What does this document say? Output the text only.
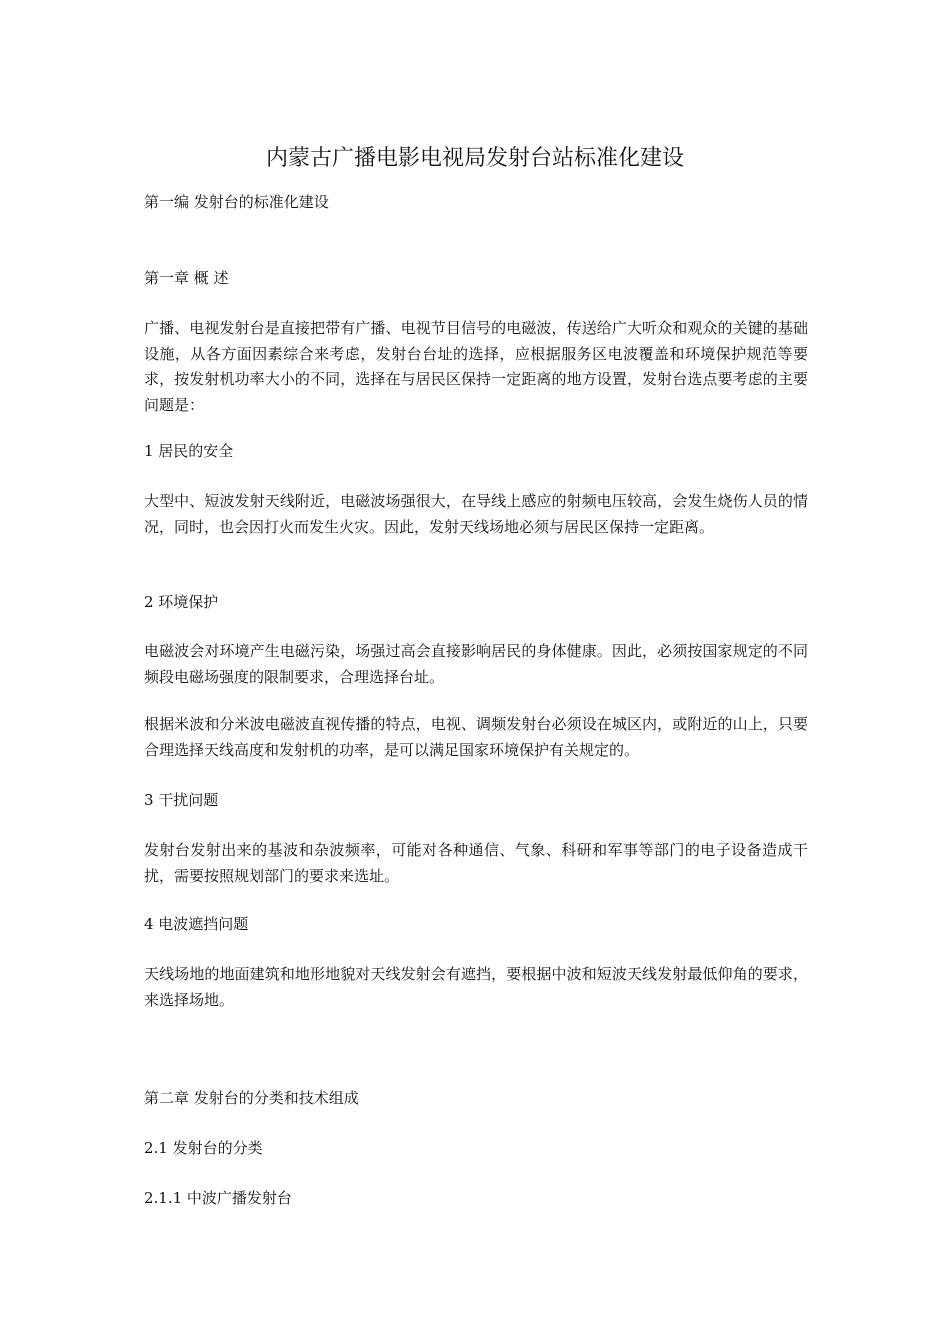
内蒙古广播电影电视局发射台站标准化建设
第一编 发射台的标准化建设
第一章 概 述
广播、电视发射台是直接把带有广播、电视节目信号的电磁波，传送给广大听众和观众的关键的基础设施，从各方面因素综合来考虑，发射台台址的选择，应根据服务区电波覆盖和环境保护规范等要求，按发射机功率大小的不同，选择在与居民区保持一定距离的地方设置，发射台选点要考虑的主要问题是：
1 居民的安全
大型中、短波发射天线附近，电磁波场强很大，在导线上感应的射频电压较高，会发生烧伤人员的情况，同时，也会因打火而发生火灾。因此，发射天线场地必须与居民区保持一定距离。
2 环境保护
电磁波会对环境产生电磁污染，场强过高会直接影响居民的身体健康。因此，必须按国家规定的不同频段电磁场强度的限制要求，合理选择台址。
根据米波和分米波电磁波直视传播的特点，电视、调频发射台必须设在城区内，或附近的山上，只要合理选择天线高度和发射机的功率，是可以满足国家环境保护有关规定的。
3 干扰问题
发射台发射出来的基波和杂波频率，可能对各种通信、气象、科研和军事等部门的电子设备造成干扰，需要按照规划部门的要求来选址。
4 电波遮挡问题
天线场地的地面建筑和地形地貌对天线发射会有遮挡，要根据中波和短波天线发射最低仰角的要求，来选择场地。
第二章 发射台的分类和技术组成
2.1 发射台的分类
2.1.1 中波广播发射台
